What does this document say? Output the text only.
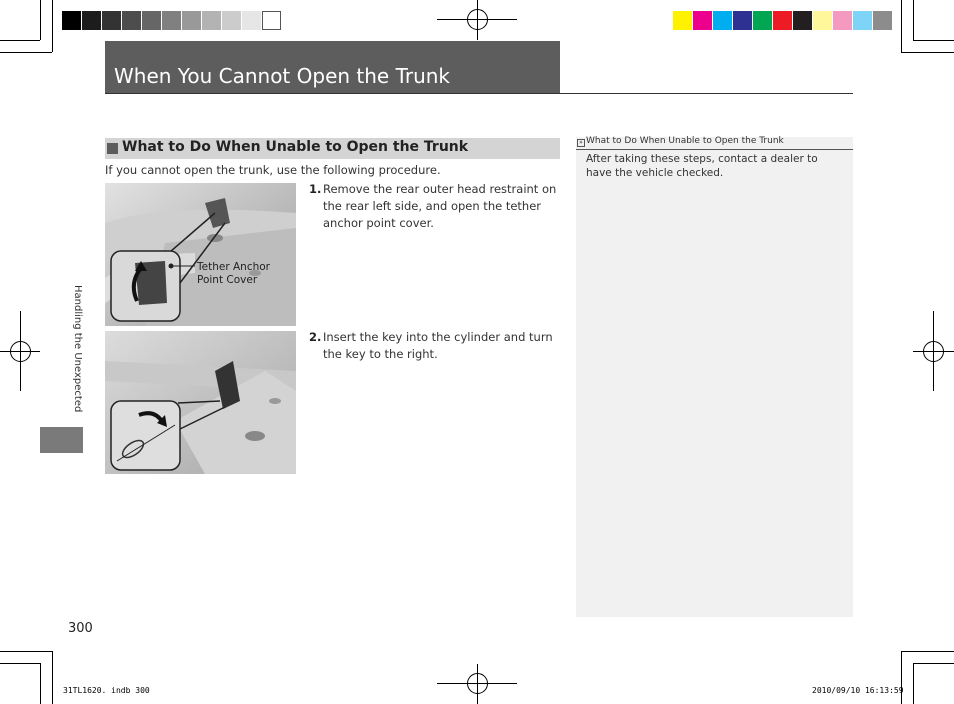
When You Cannot Open the Trunk
What to Do When Unable to Open the Trunk
If you cannot open the trunk, use the following procedure.
Tether Anchor Point Cover
1. Remove the rear outer head restraint on the rear left side, and open the tether anchor point cover.
2. Insert the key into the cylinder and turn the key to the right.
» What to Do When Unable to Open the Trunk
After taking these steps, contact a dealer to have the vehicle checked.
Handling the Unexpected
300
31TL1620. indb 300	2010/09/10 16:13:59
